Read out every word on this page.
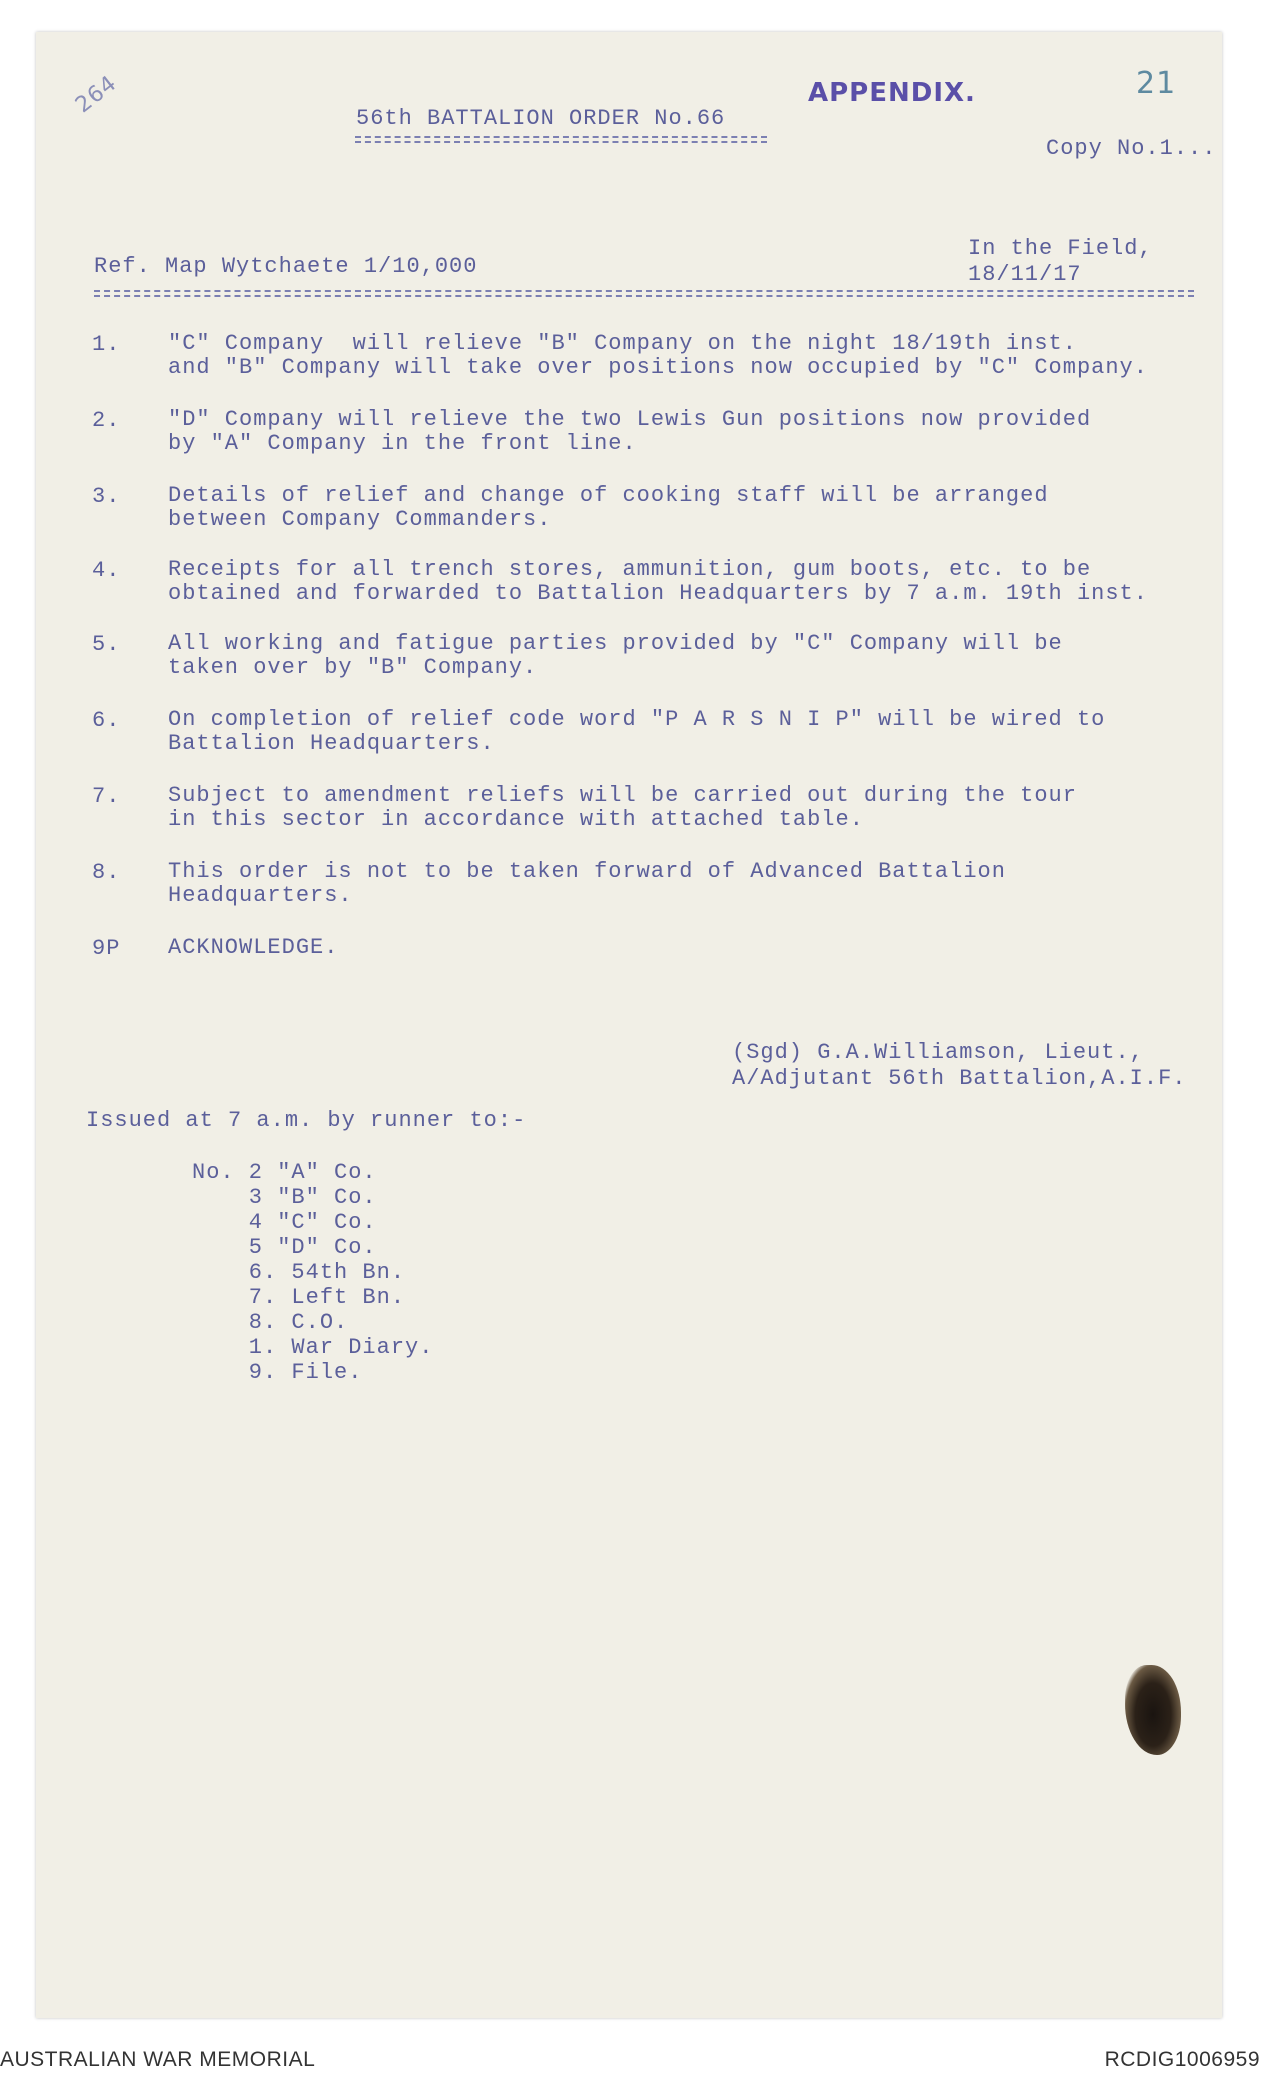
264	21
APPENDIX.
56th BATTALION ORDER No.66
Copy No.1...
Ref. Map Wytchaete 1/10,000
In the Field,
18/11/17
1.	"C" Company  will relieve "B" Company on the night 18/19th inst.
and "B" Company will take over positions now occupied by "C" Company.
2.	"D" Company will relieve the two Lewis Gun positions now provided
by "A" Company in the front line.
3.	Details of relief and change of cooking staff will be arranged
between Company Commanders.
4.	Receipts for all trench stores, ammunition, gum boots, etc. to be
obtained and forwarded to Battalion Headquarters by 7 a.m. 19th inst.
5.	All working and fatigue parties provided by "C" Company will be
taken over by "B" Company.
6.	On completion of relief code word "P A R S N I P" will be wired to
Battalion Headquarters.
7.	Subject to amendment reliefs will be carried out during the tour
in this sector in accordance with attached table.
8.	This order is not to be taken forward of Advanced Battalion
Headquarters.
9P	ACKNOWLEDGE.
(Sgd) G.A.Williamson, Lieut.,
A/Adjutant 56th Battalion,A.I.F.
Issued at 7 a.m. by runner to:-
No. 2 "A" Co.
3 "B" Co.
4 "C" Co.
5 "D" Co.
6. 54th Bn.
7. Left Bn.
8. C.O.
1. War Diary.
9. File.
AUSTRALIAN WAR MEMORIAL	RCDIG1006959
